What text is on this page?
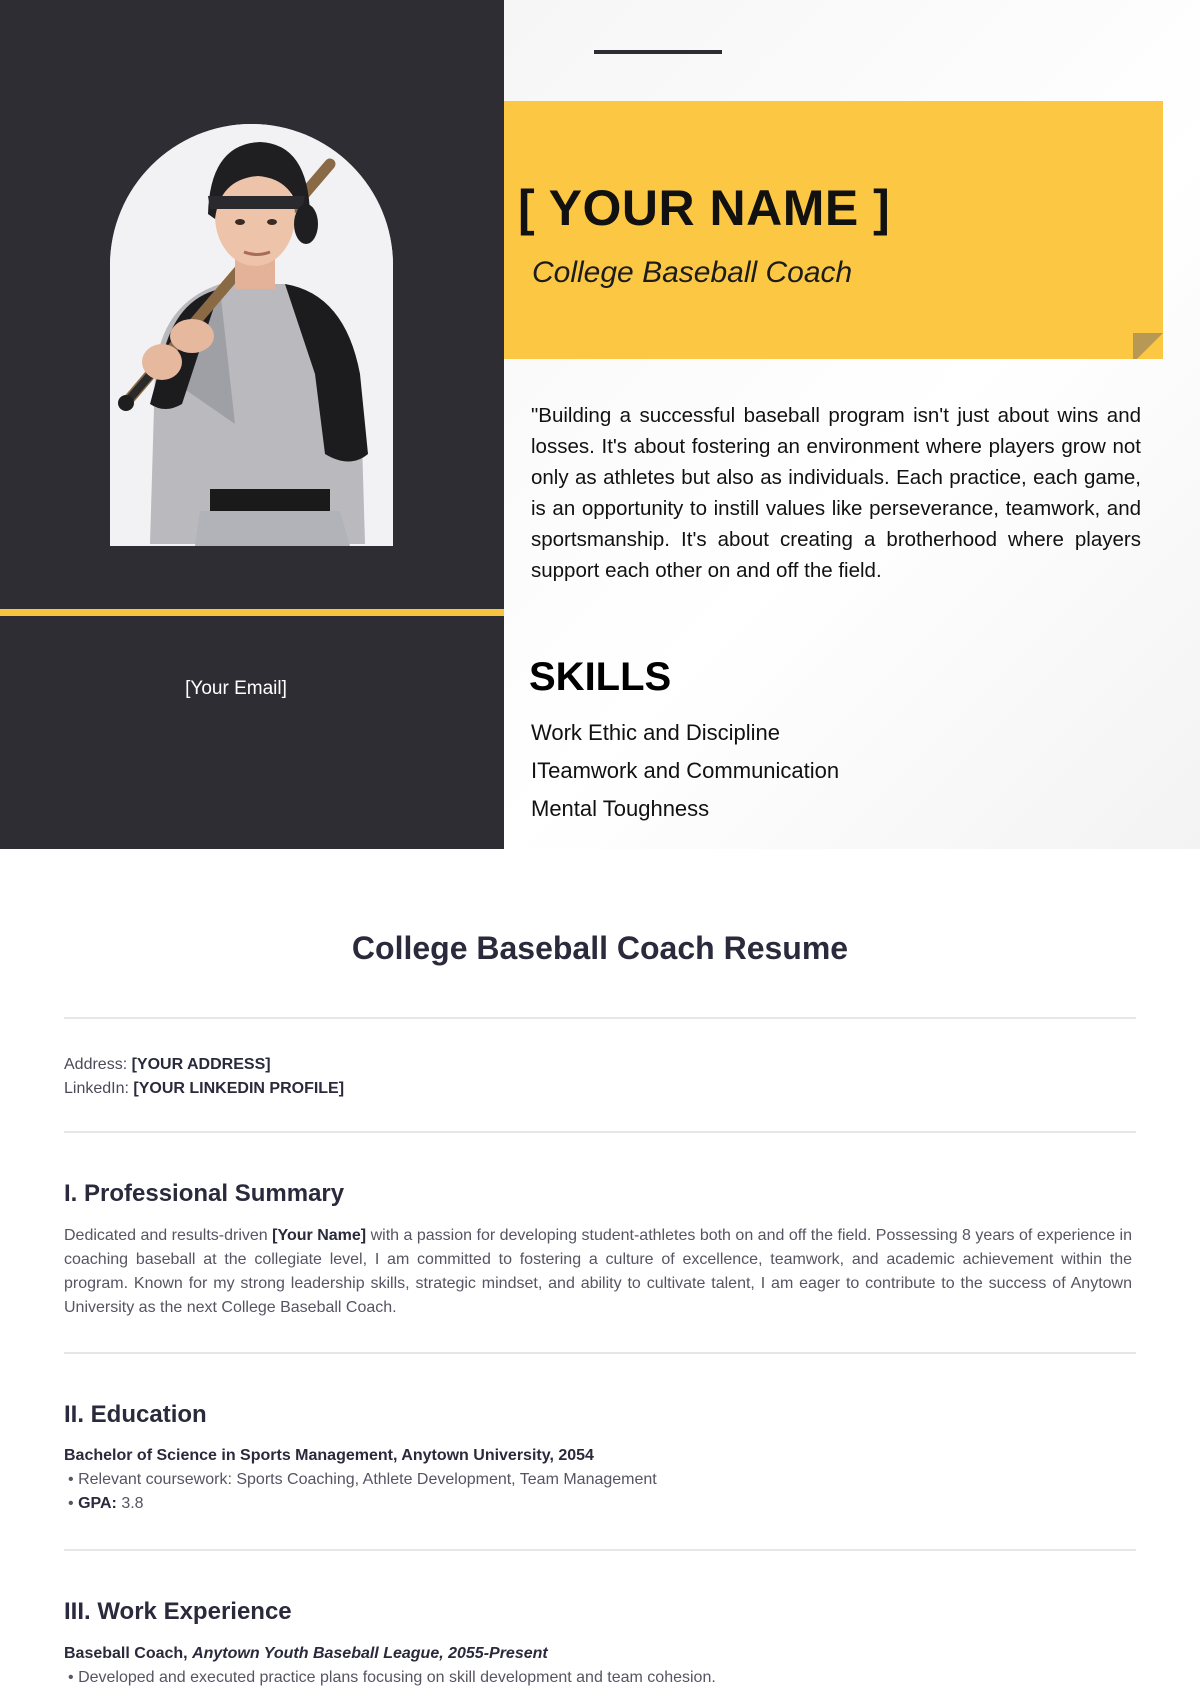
[Your Email]
[ YOUR NAME ]
College Baseball Coach
"Building a successful baseball program isn't just about wins and losses. It's about fostering an environment where players grow not only as athletes but also as individuals. Each practice, each game, is an opportunity to instill values like perseverance, teamwork, and sportsmanship. It's about creating a brotherhood where players support each other on and off the field.
SKILLS
Work Ethic and Discipline
ITeamwork and Communication
Mental Toughness
College Baseball Coach Resume
Address: [YOUR ADDRESS]
LinkedIn: [YOUR LINKEDIN PROFILE]
I. Professional Summary
Dedicated and results-driven [Your Name] with a passion for developing student-athletes both on and off the field. Possessing 8 years of experience in coaching baseball at the collegiate level, I am committed to fostering a culture of excellence, teamwork, and academic achievement within the program. Known for my strong leadership skills, strategic mindset, and ability to cultivate talent, I am eager to contribute to the success of Anytown University as the next College Baseball Coach.
II. Education
Bachelor of Science in Sports Management, Anytown University, 2054
• Relevant coursework: Sports Coaching, Athlete Development, Team Management
• GPA: 3.8
III. Work Experience
Baseball Coach, Anytown Youth Baseball League, 2055-Present
• Developed and executed practice plans focusing on skill development and team cohesion.
